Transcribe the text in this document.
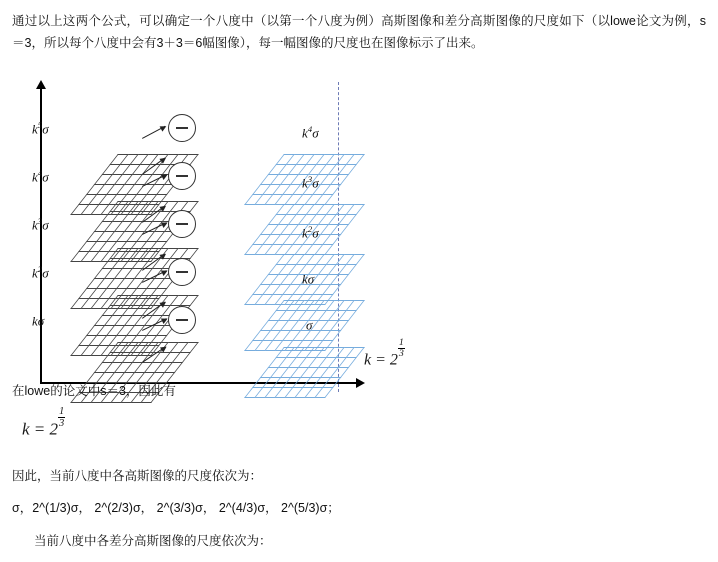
通过以上这两个公式，可以确定一个八度中（以第一个八度为例）高斯图像和差分高斯图像的尺度如下（以lowe论文为例，s＝3，所以每个八度中会有3＋3＝6幅图像），每一幅图像的尺度也在图像标示了出来。

$k^5\sigma$
$k^4\sigma$
$k^3\sigma$
$k^2\sigma$
kσ
$k^4\sigma$
$k^3\sigma$
$k^2\sigma$
kσ
σ
k = 2
$\frac{1}{3}$
在lowe的论文中s＝3，因此有
k = 2
$\frac{1}{3}$
因此，当前八度中各高斯图像的尺度依次为：
σ，2^(1/3)σ， 2^(2/3)σ， 2^(3/3)σ， 2^(4/3)σ， 2^(5/3)σ；
当前八度中各差分高斯图像的尺度依次为：
